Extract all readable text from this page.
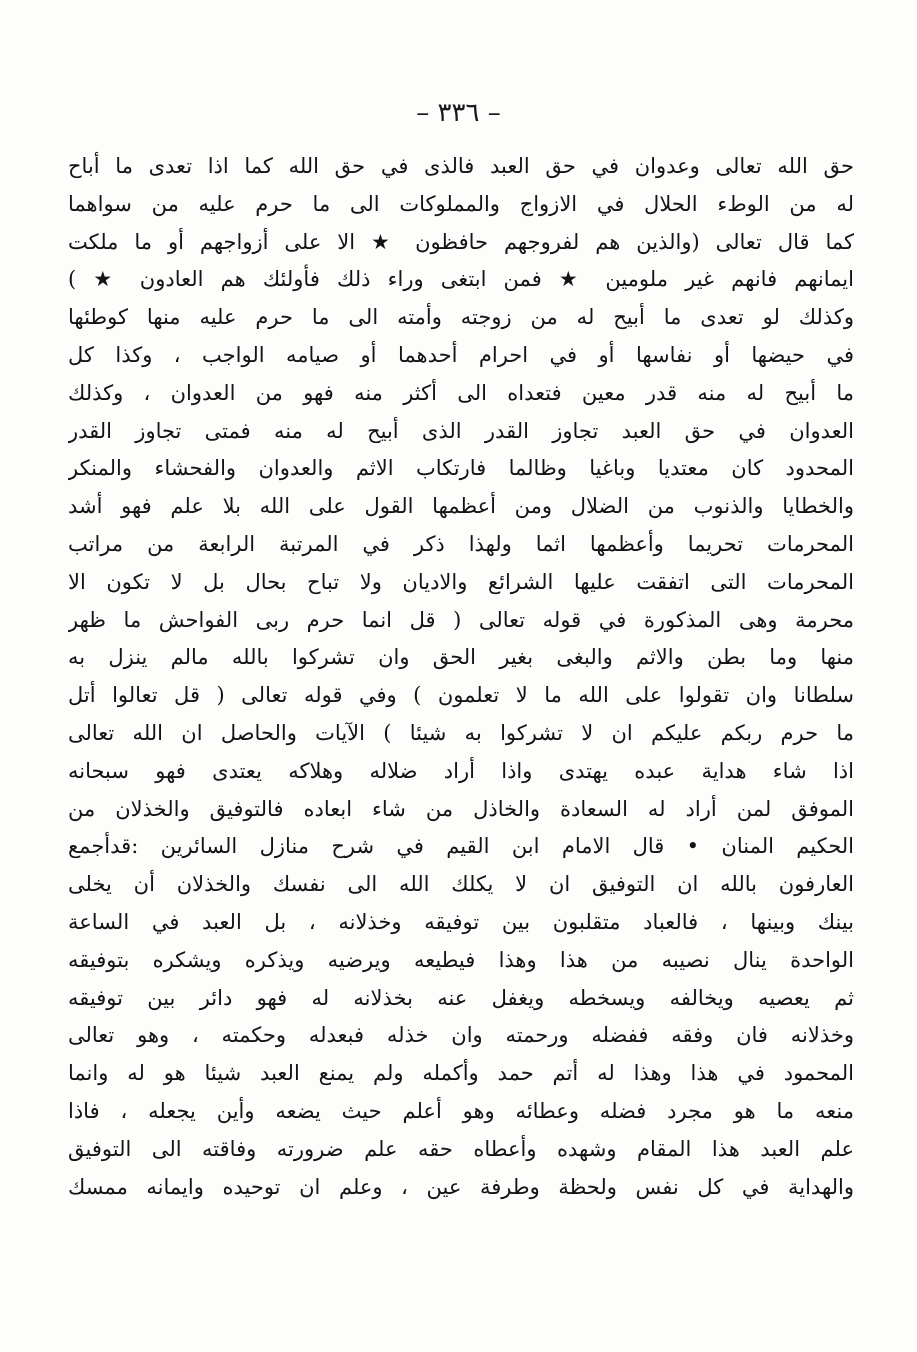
– ٣٣٦ –
حق الله تعالى وعدوان في حق العبد فالذى في حق الله كما اذا تعدى ما أباح
له من الوطء الحلال في الازواج والمملوكات الى ما حرم عليه من سواهما
كما قال تعالى (والذين هم لفروجهم حافظون ★ الا على أزواجهم أو ما ملكت
ايمانهم فانهم غير ملومين ★ فمن ابتغى وراء ذلك فأولئك هم العادون ★ )
وكذلك لو تعدى ما أبيح له من زوجته وأمته الى ما حرم عليه منها كوطئها
في حيضها أو نفاسها أو في احرام أحدهما أو صيامه الواجب ، وكذا كل
ما أبيح له منه قدر معين فتعداه الى أكثر منه فهو من العدوان ، وكذلك
العدوان في حق العبد تجاوز القدر الذى أبيح له منه فمتى تجاوز القدر
المحدود كان معتديا وباغيا وظالما فارتكاب الاثم والعدوان والفحشاء والمنكر
والخطايا والذنوب من الضلال ومن أعظمها القول على الله بلا علم فهو أشد
المحرمات تحريما وأعظمها اثما ولهذا ذكر في المرتبة الرابعة من مراتب
المحرمات التى اتفقت عليها الشرائع والاديان ولا تباح بحال بل لا تكون الا
محرمة وهى المذكورة في قوله تعالى ( قل انما حرم ربى الفواحش ما ظهر
منها وما بطن والاثم والبغى بغير الحق وان تشركوا بالله مالم ينزل به
سلطانا وان تقولوا على الله ما لا تعلمون ) وفي قوله تعالى ( قل تعالوا أتل
ما حرم ربكم عليكم ان لا تشركوا به شيئا ) الآيات والحاصل ان الله تعالى
اذا شاء هداية عبده يهتدى واذا أراد ضلاله وهلاكه يعتدى فهو سبحانه
الموفق لمن أراد له السعادة والخاذل من شاء ابعاده فالتوفيق والخذلان من
الحكيم المنان • قال الامام ابن القيم في شرح منازل السائرين :قدأجمع
العارفون بالله ان التوفيق ان لا يكلك الله الى نفسك والخذلان أن يخلى
بينك وبينها ، فالعباد متقلبون بين توفيقه وخذلانه ، بل العبد في الساعة
الواحدة ينال نصيبه من هذا وهذا فيطيعه ويرضيه ويذكره ويشكره بتوفيقه
ثم يعصيه ويخالفه ويسخطه ويغفل عنه بخذلانه له فهو دائر بين توفيقه
وخذلانه فان وفقه ففضله ورحمته وان خذله فبعدله وحكمته ، وهو تعالى
المحمود في هذا وهذا له أتم حمد وأكمله ولم يمنع العبد شيئا هو له وانما
منعه ما هو مجرد فضله وعطائه وهو أعلم حيث يضعه وأين يجعله ، فاذا
علم العبد هذا المقام وشهده وأعطاه حقه علم ضرورته وفاقته الى التوفيق
والهداية في كل نفس ولحظة وطرفة عين ، وعلم ان توحيده وايمانه ممسك
